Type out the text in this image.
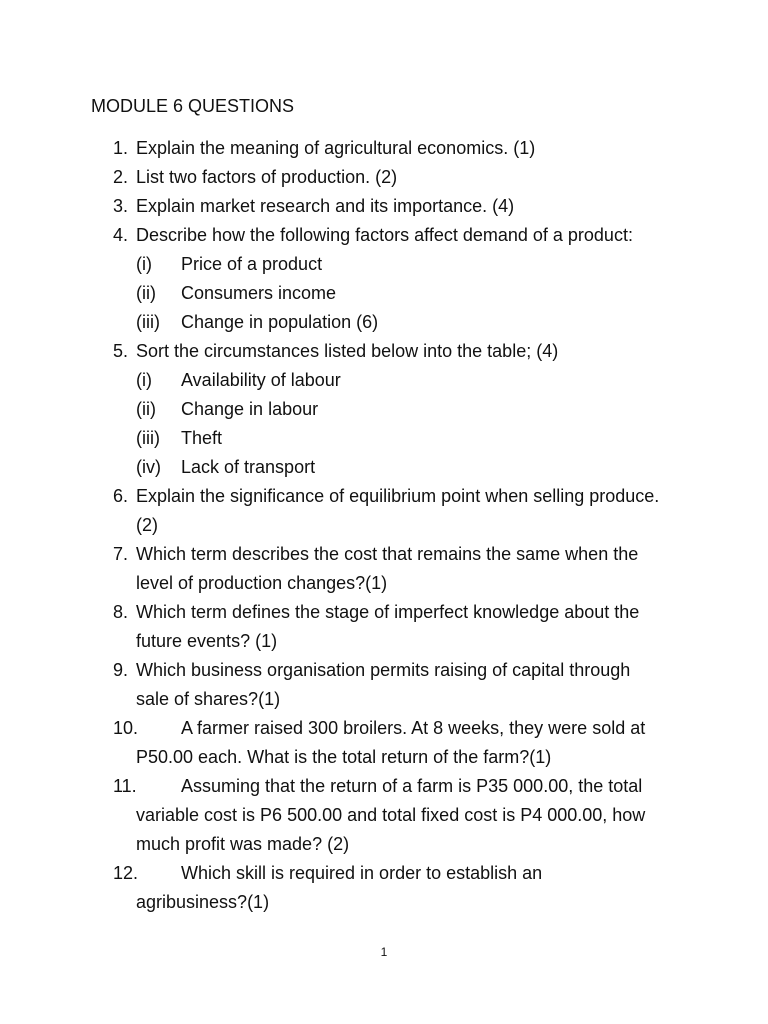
MODULE 6 QUESTIONS
1. Explain the meaning of agricultural economics. (1)
2. List two factors of production. (2)
3. Explain market research and its importance. (4)
4. Describe how the following factors affect demand of a product:
(i) Price of a product
(ii) Consumers income
(iii) Change in population (6)
5. Sort the circumstances listed below into the table; (4)
(i) Availability of labour
(ii) Change in labour
(iii) Theft
(iv) Lack of transport
6. Explain the significance of equilibrium point when selling produce.
(2)
7. Which term describes the cost that remains the same when the
level of production changes?(1)
8. Which term defines the stage of imperfect knowledge about the
future events? (1)
9. Which business organisation permits raising of capital through
sale of shares?(1)
10. A farmer raised 300 broilers. At 8 weeks, they were sold at
P50.00 each. What is the total return of the farm?(1)
11. Assuming that the return of a farm is P35 000.00, the total
variable cost is P6 500.00 and total fixed cost is P4 000.00, how
much profit was made? (2)
12. Which skill is required in order to establish an
agribusiness?(1)
1
